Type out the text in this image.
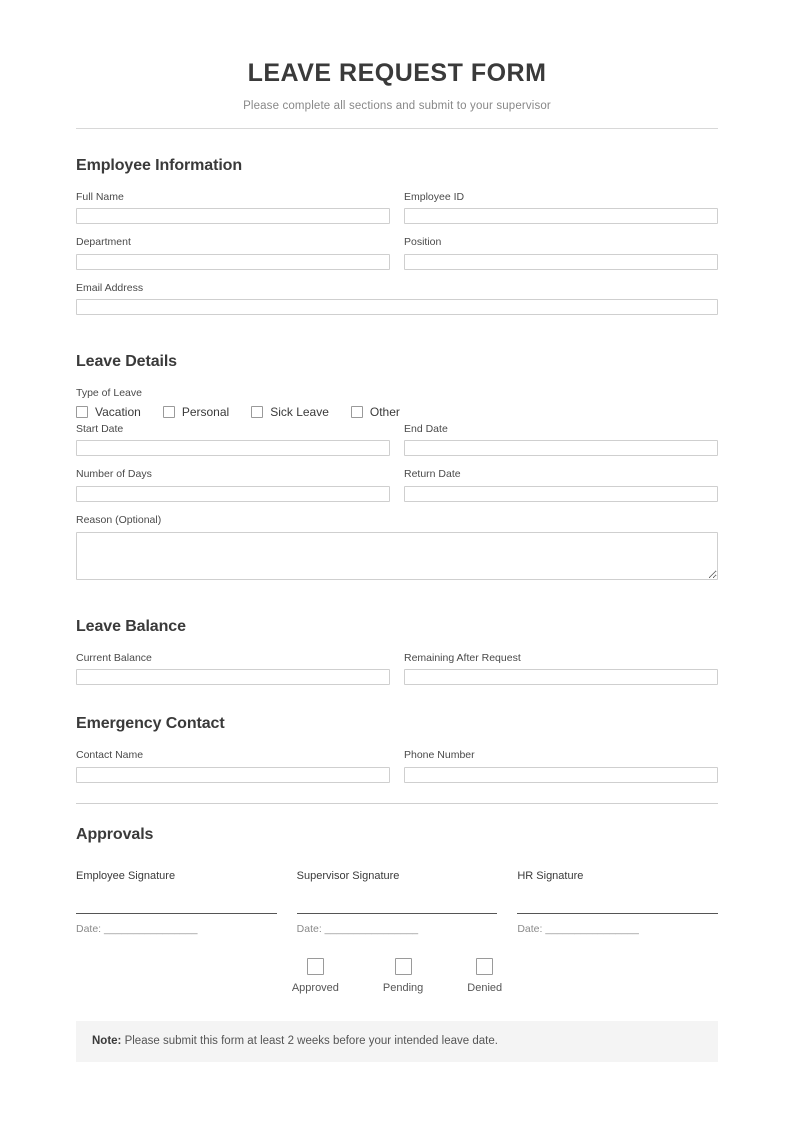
LEAVE REQUEST FORM

Please complete all sections and submit to your supervisor

Employee Information
Full Name	Employee ID
Department	Position
Email Address
Leave Details
Type of Leave
Vacation	Personal	Sick Leave	Other
Start Date	End Date
Number of Days	Return Date
Reason (Optional)
Leave Balance
Current Balance	Remaining After Request
Emergency Contact
Contact Name	Phone Number
Approvals
Employee Signature
Date: ________________
Supervisor Signature
Date: ________________
HR Signature
Date: ________________
Approved	Pending	Denied
Note: Please submit this form at least 2 weeks before your intended leave date.
